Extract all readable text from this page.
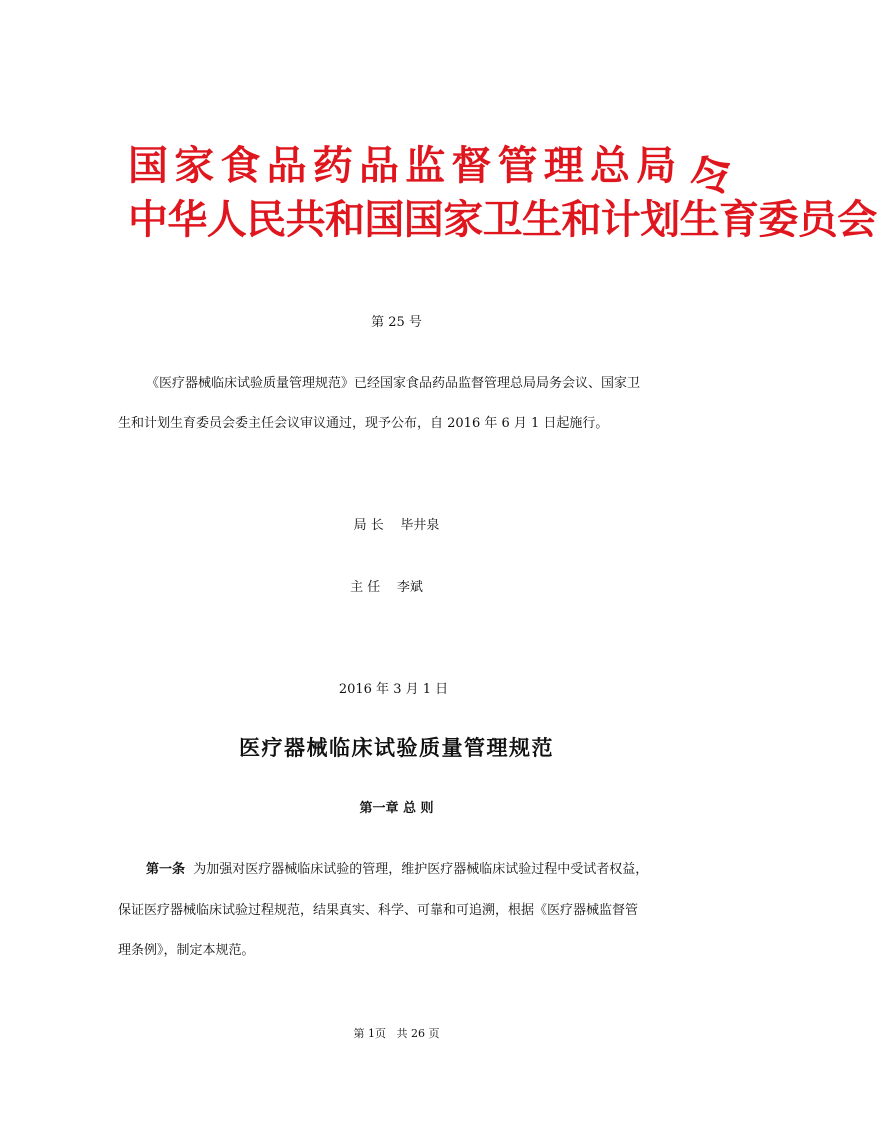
国家食品药品监督管理总局
中华人民共和国国家卫生和计划生育委员会
令
第 25 号
《医疗器械临床试验质量管理规范》已经国家食品药品监督管理总局局务会议、国家卫
生和计划生育委员会委主任会议审议通过，现予公布，自 2016 年 6 月 1 日起施行。
局 长 毕井泉
主 任 李斌
2016 年 3 月 1 日
医疗器械临床试验质量管理规范
第一章 总 则
第一条 为加强对医疗器械临床试验的管理，维护医疗器械临床试验过程中受试者权益，
保证医疗器械临床试验过程规范，结果真实、科学、可靠和可追溯，根据《医疗器械监督管
理条例》，制定本规范。
第 1页 共 26 页
